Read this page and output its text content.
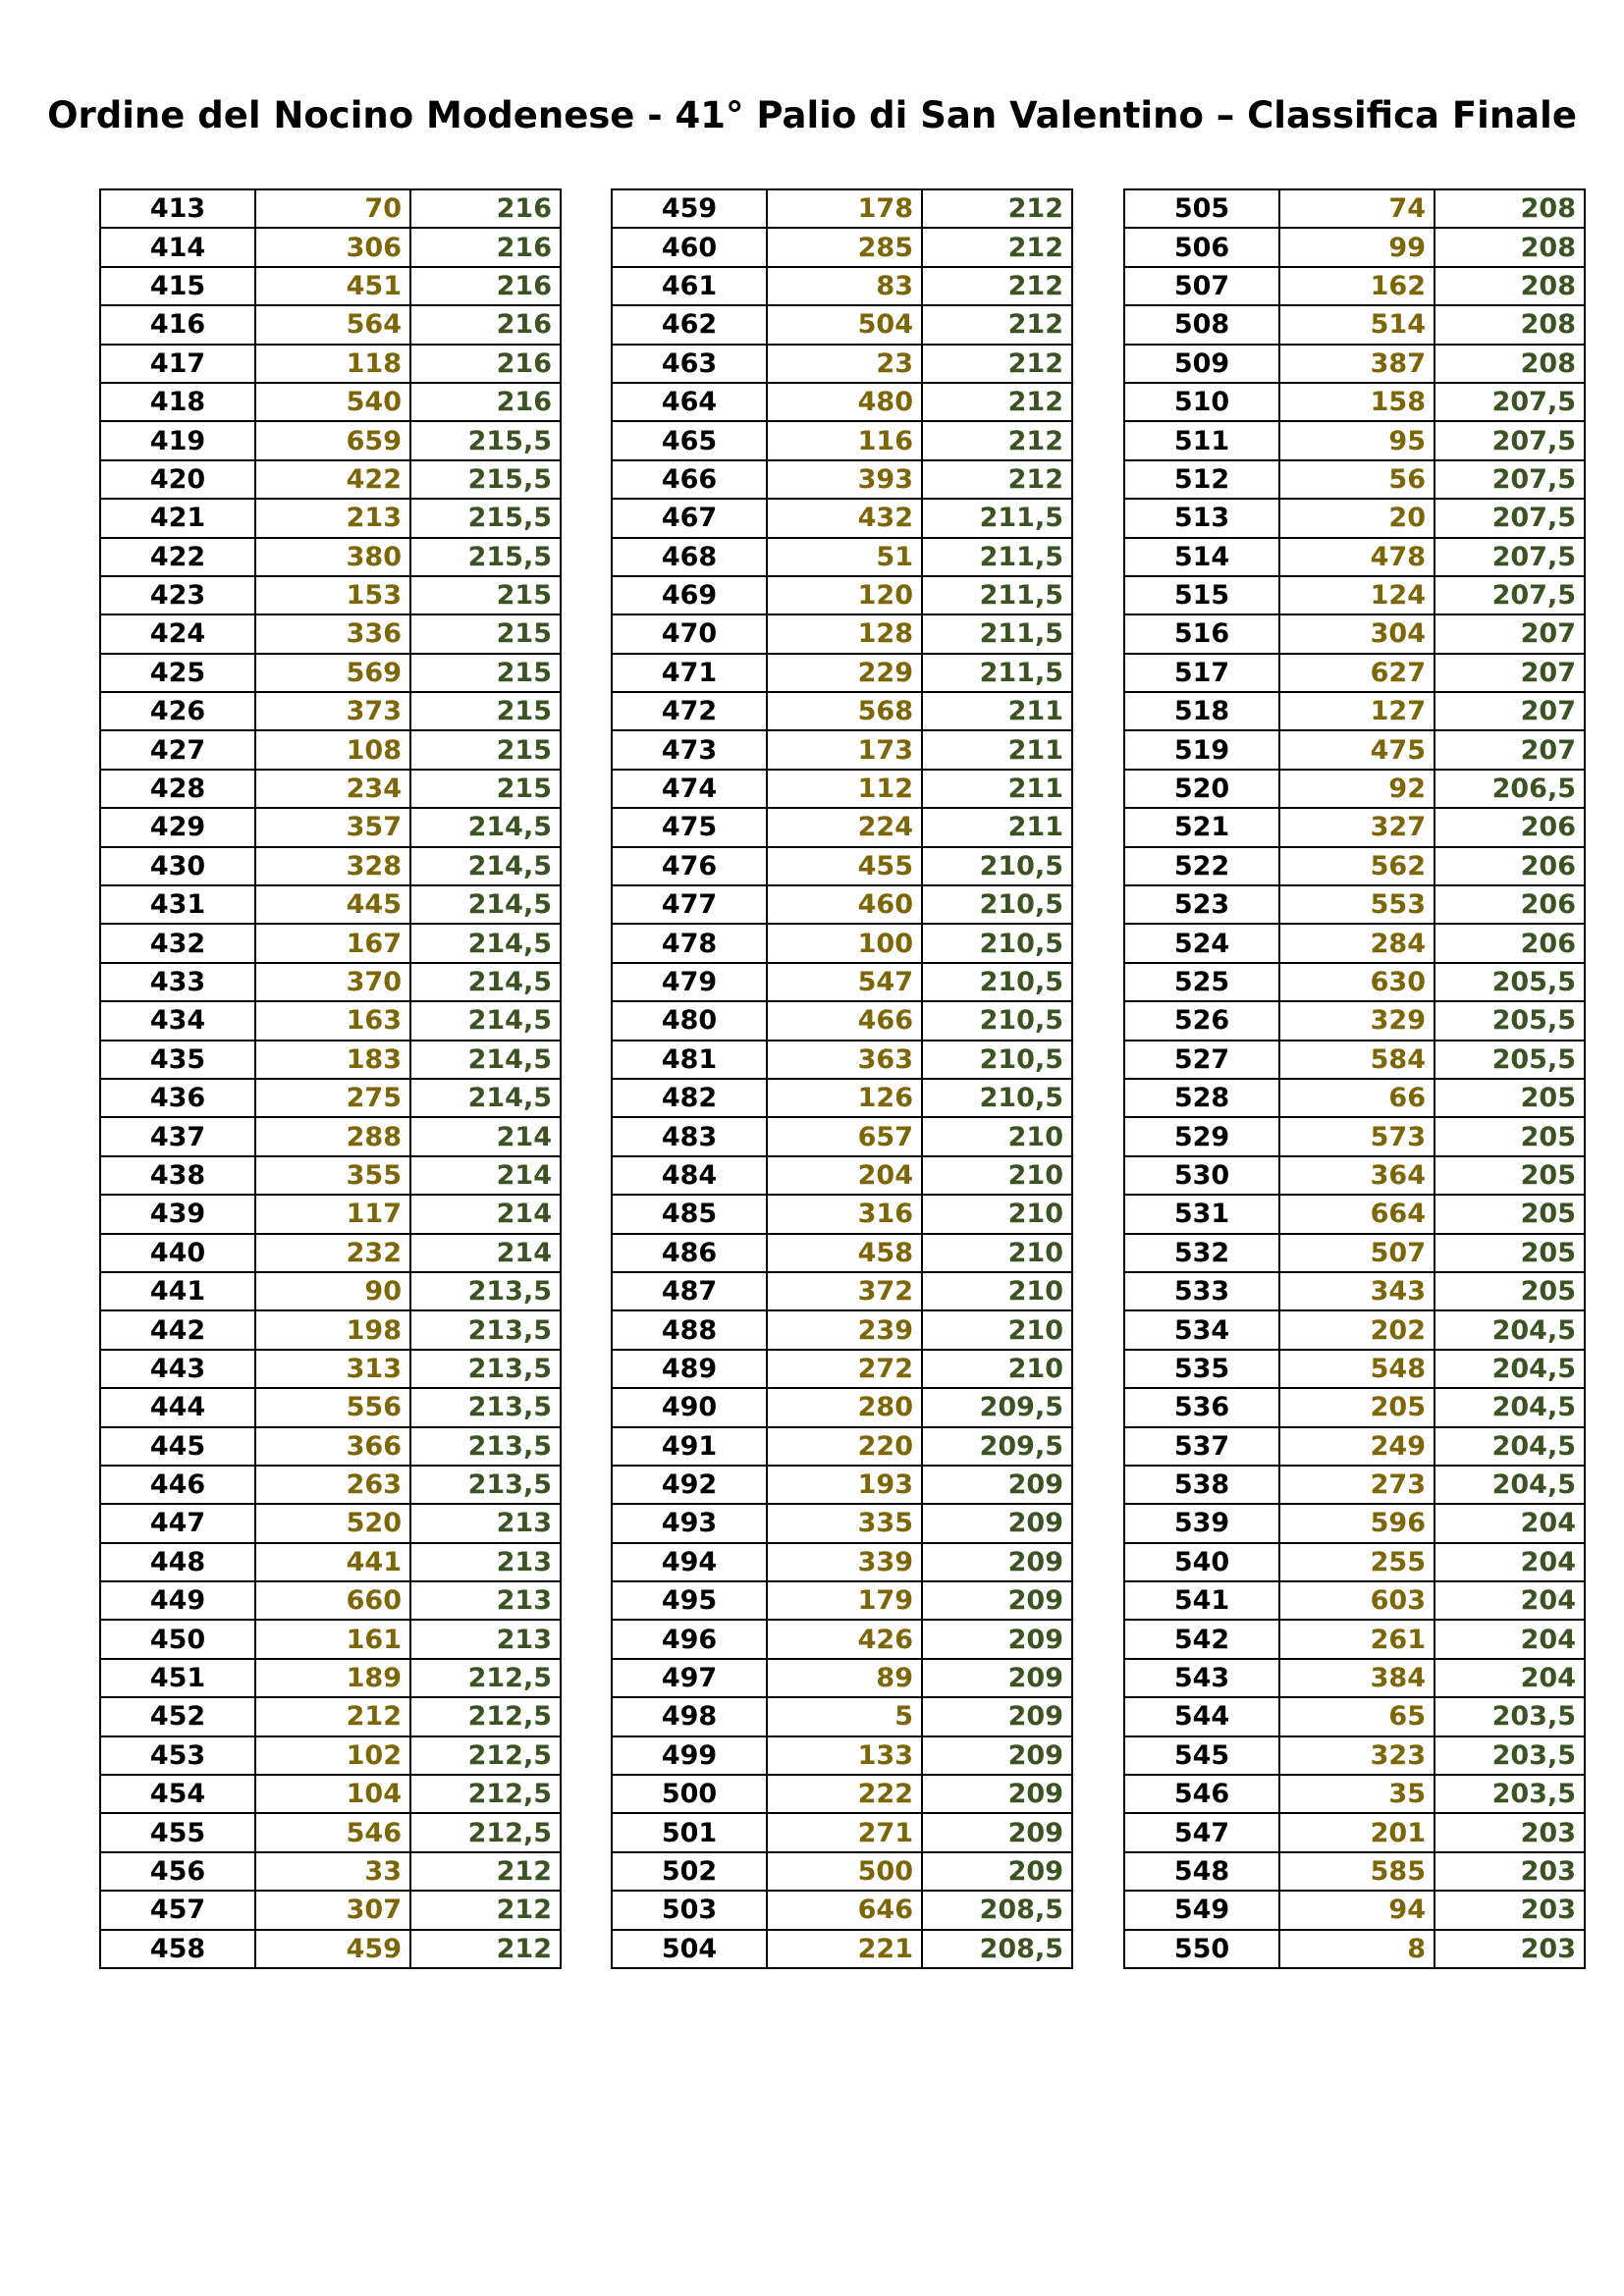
Ordine del Nocino Modenese - 41° Palio di San Valentino – Classifica Finale
413	70	216
414	306	216
415	451	216
416	564	216
417	118	216
418	540	216
419	659	215,5
420	422	215,5
421	213	215,5
422	380	215,5
423	153	215
424	336	215
425	569	215
426	373	215
427	108	215
428	234	215
429	357	214,5
430	328	214,5
431	445	214,5
432	167	214,5
433	370	214,5
434	163	214,5
435	183	214,5
436	275	214,5
437	288	214
438	355	214
439	117	214
440	232	214
441	90	213,5
442	198	213,5
443	313	213,5
444	556	213,5
445	366	213,5
446	263	213,5
447	520	213
448	441	213
449	660	213
450	161	213
451	189	212,5
452	212	212,5
453	102	212,5
454	104	212,5
455	546	212,5
456	33	212
457	307	212
458	459	212
459	178	212
460	285	212
461	83	212
462	504	212
463	23	212
464	480	212
465	116	212
466	393	212
467	432	211,5
468	51	211,5
469	120	211,5
470	128	211,5
471	229	211,5
472	568	211
473	173	211
474	112	211
475	224	211
476	455	210,5
477	460	210,5
478	100	210,5
479	547	210,5
480	466	210,5
481	363	210,5
482	126	210,5
483	657	210
484	204	210
485	316	210
486	458	210
487	372	210
488	239	210
489	272	210
490	280	209,5
491	220	209,5
492	193	209
493	335	209
494	339	209
495	179	209
496	426	209
497	89	209
498	5	209
499	133	209
500	222	209
501	271	209
502	500	209
503	646	208,5
504	221	208,5
505	74	208
506	99	208
507	162	208
508	514	208
509	387	208
510	158	207,5
511	95	207,5
512	56	207,5
513	20	207,5
514	478	207,5
515	124	207,5
516	304	207
517	627	207
518	127	207
519	475	207
520	92	206,5
521	327	206
522	562	206
523	553	206
524	284	206
525	630	205,5
526	329	205,5
527	584	205,5
528	66	205
529	573	205
530	364	205
531	664	205
532	507	205
533	343	205
534	202	204,5
535	548	204,5
536	205	204,5
537	249	204,5
538	273	204,5
539	596	204
540	255	204
541	603	204
542	261	204
543	384	204
544	65	203,5
545	323	203,5
546	35	203,5
547	201	203
548	585	203
549	94	203
550	8	203
